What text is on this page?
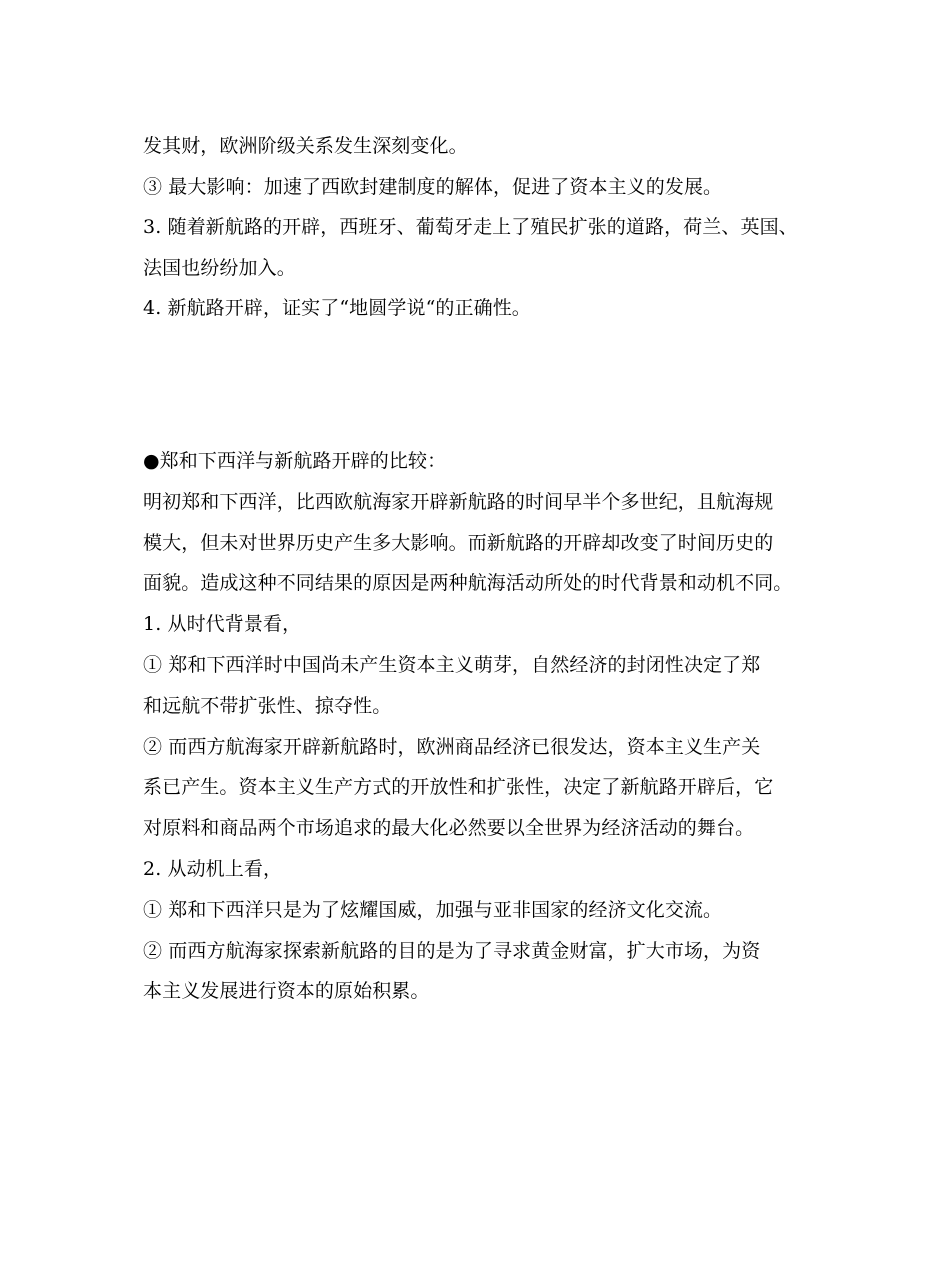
发其财，欧洲阶级关系发生深刻变化。
③ 最大影响：加速了西欧封建制度的解体，促进了资本主义的发展。
3. 随着新航路的开辟，西班牙、葡萄牙走上了殖民扩张的道路，荷兰、英国、
法国也纷纷加入。
4. 新航路开辟，证实了“地圆学说“的正确性。
●郑和下西洋与新航路开辟的比较：
明初郑和下西洋，比西欧航海家开辟新航路的时间早半个多世纪，且航海规
模大，但未对世界历史产生多大影响。而新航路的开辟却改变了时间历史的
面貌。造成这种不同结果的原因是两种航海活动所处的时代背景和动机不同。
1. 从时代背景看，
① 郑和下西洋时中国尚未产生资本主义萌芽，自然经济的封闭性决定了郑
和远航不带扩张性、掠夺性。
② 而西方航海家开辟新航路时，欧洲商品经济已很发达，资本主义生产关
系已产生。资本主义生产方式的开放性和扩张性，决定了新航路开辟后，它
对原料和商品两个市场追求的最大化必然要以全世界为经济活动的舞台。
2. 从动机上看，
① 郑和下西洋只是为了炫耀国威，加强与亚非国家的经济文化交流。
② 而西方航海家探索新航路的目的是为了寻求黄金财富，扩大市场，为资
本主义发展进行资本的原始积累。
